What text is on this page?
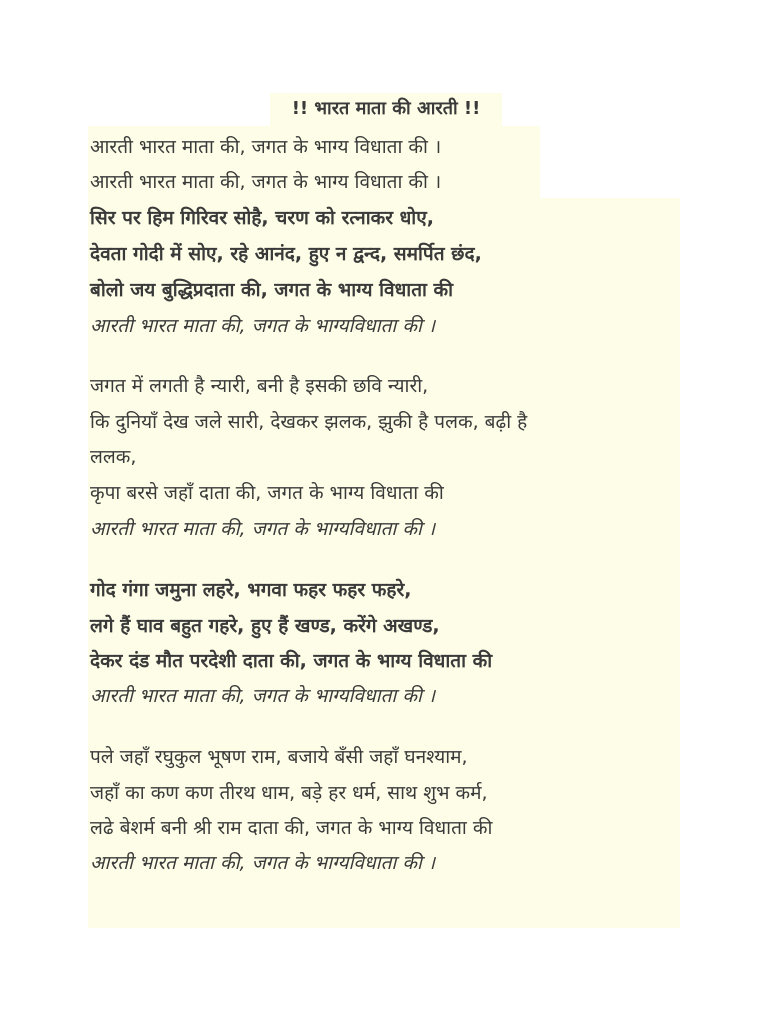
!! भारत माता की आरती !!

आरती भारत माता की, जगत के भाग्य विधाता की ।

आरती भारत माता की, जगत के भाग्य विधाता की ।

सिर पर हिम गिरिवर सोहै, चरण को रत्नाकर धोए,

देवता गोदी में सोए, रहे आनंद, हुए न द्वन्द, समर्पित छंद,

बोलो जय बुद्धिप्रदाता की, जगत के भाग्य विधाता की

आरती भारत माता की, जगत के भाग्यविधाता की ।

जगत में लगती है न्यारी, बनी है इसकी छवि न्यारी,

कि दुनियाँ देख जले सारी, देखकर झलक, झुकी है पलक, बढ़ी है

ललक,

कृपा बरसे जहाँ दाता की, जगत के भाग्य विधाता की

आरती भारत माता की, जगत के भाग्यविधाता की ।

गोद गंगा जमुना लहरे, भगवा फहर फहर फहरे,

लगे हैं घाव बहुत गहरे, हुए हैं खण्ड, करेंगे अखण्ड,

देकर दंड मौत परदेशी दाता की, जगत के भाग्य विधाता की

आरती भारत माता की, जगत के भाग्यविधाता की ।

पले जहाँ रघुकुल भूषण राम, बजाये बँसी जहाँ घनश्याम,

जहाँ का कण कण तीरथ धाम, बड़े हर धर्म, साथ शुभ कर्म,

लढे बेशर्म बनी श्री राम दाता की, जगत के भाग्य विधाता की

आरती भारत माता की, जगत के भाग्यविधाता की ।
